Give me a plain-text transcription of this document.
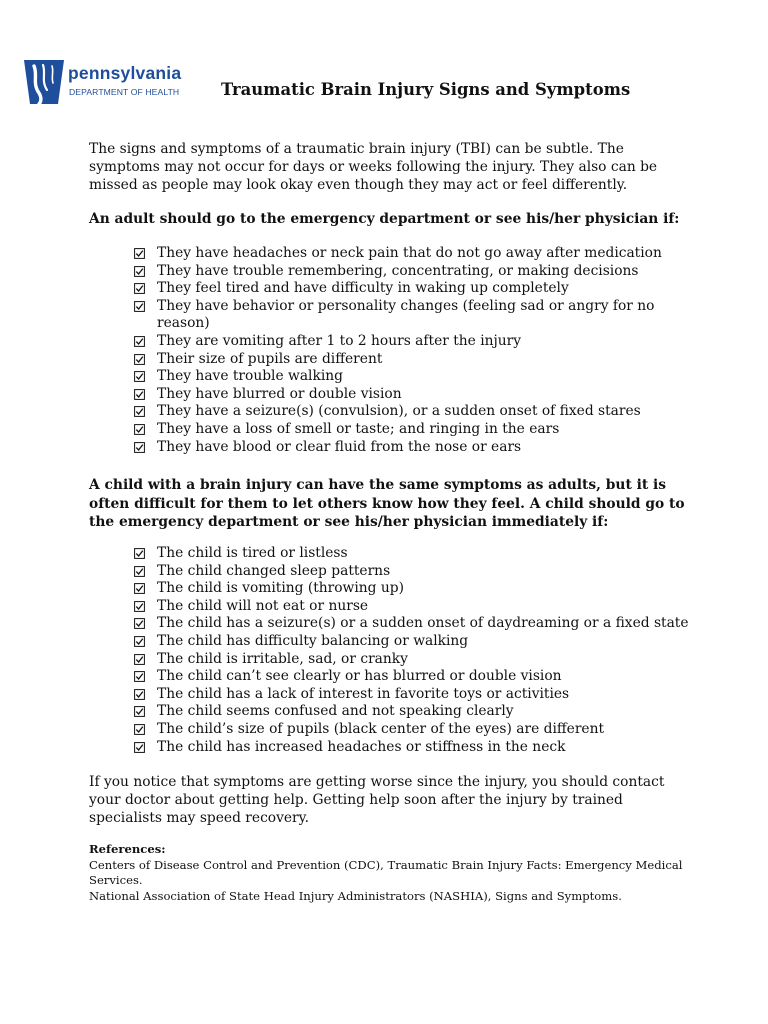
pennsylvania
DEPARTMENT OF HEALTH	Traumatic Brain Injury Signs and Symptoms

The signs and symptoms of a traumatic brain injury (TBI) can be subtle. The symptoms may not occur for days or weeks following the injury. They also can be missed as people may look okay even though they may act or feel differently.

An adult should go to the emergency department or see his/her physician if:

They have headaches or neck pain that do not go away after medication
They have trouble remembering, concentrating, or making decisions
They feel tired and have difficulty in waking up completely
They have behavior or personality changes (feeling sad or angry for no reason)
They are vomiting after 1 to 2 hours after the injury
Their size of pupils are different
They have trouble walking
They have blurred or double vision
They have a seizure(s) (convulsion), or a sudden onset of fixed stares
They have a loss of smell or taste; and ringing in the ears
They have blood or clear fluid from the nose or ears

A child with a brain injury can have the same symptoms as adults, but it is often difficult for them to let others know how they feel. A child should go to the emergency department or see his/her physician immediately if:

The child is tired or listless
The child changed sleep patterns
The child is vomiting (throwing up)
The child will not eat or nurse
The child has a seizure(s) or a sudden onset of daydreaming or a fixed state
The child has difficulty balancing or walking
The child is irritable, sad, or cranky
The child can’t see clearly or has blurred or double vision
The child has a lack of interest in favorite toys or activities
The child seems confused and not speaking clearly
The child’s size of pupils (black center of the eyes) are different
The child has increased headaches or stiffness in the neck

If you notice that symptoms are getting worse since the injury, you should contact your doctor about getting help. Getting help soon after the injury by trained specialists may speed recovery.

References:
Centers of Disease Control and Prevention (CDC), Traumatic Brain Injury Facts: Emergency Medical Services.
National Association of State Head Injury Administrators (NASHIA), Signs and Symptoms.
